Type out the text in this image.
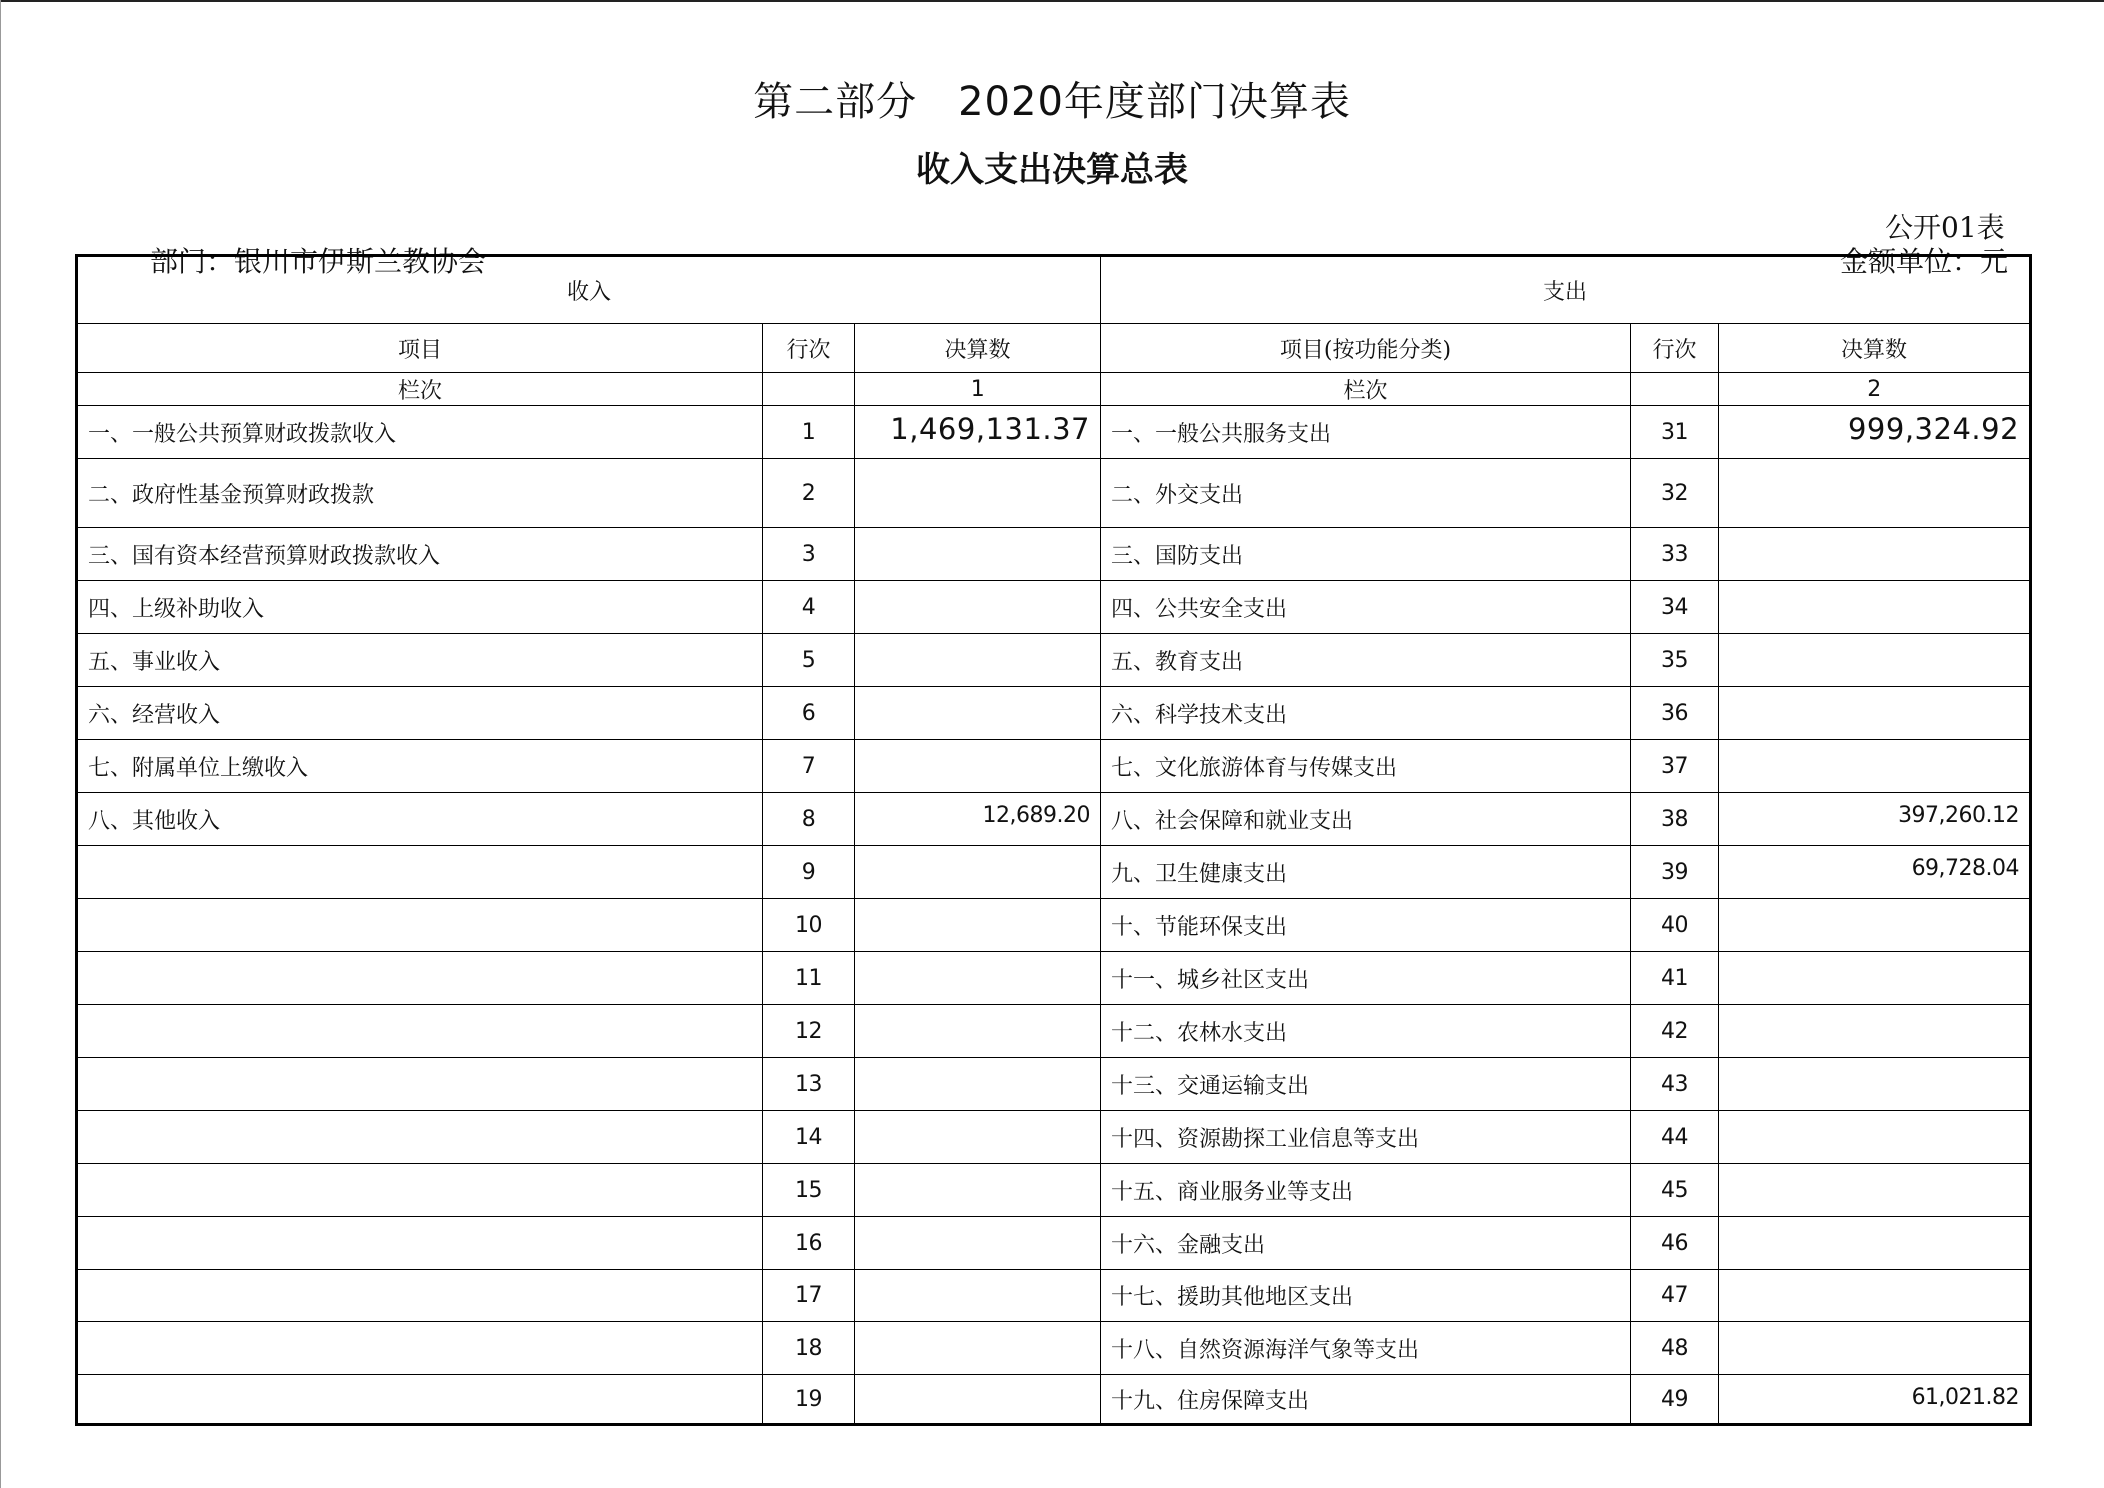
第二部分　2020年度部门决算表
收入支出决算总表
公开01表
部门：银川市伊斯兰教协会	金额单位：元
收入			支出		
项目	行次	决算数	项目(按功能分类)	行次	决算数
栏次		1	栏次		2
一、一般公共预算财政拨款收入	1	1,469,131.37	一、一般公共服务支出	31	999,324.92
二、政府性基金预算财政拨款	2		二、外交支出	32	
三、国有资本经营预算财政拨款收入	3		三、国防支出	33	
四、上级补助收入	4		四、公共安全支出	34	
五、事业收入	5		五、教育支出	35	
六、经营收入	6		六、科学技术支出	36	
七、附属单位上缴收入	7		七、文化旅游体育与传媒支出	37	
八、其他收入	8	12,689.20	八、社会保障和就业支出	38	397,260.12
	9		九、卫生健康支出	39	69,728.04
	10		十、节能环保支出	40	
	11		十一、城乡社区支出	41	
	12		十二、农林水支出	42	
	13		十三、交通运输支出	43	
	14		十四、资源勘探工业信息等支出	44	
	15		十五、商业服务业等支出	45	
	16		十六、金融支出	46	
	17		十七、援助其他地区支出	47	
	18		十八、自然资源海洋气象等支出	48	
	19		十九、住房保障支出	49	61,021.82
